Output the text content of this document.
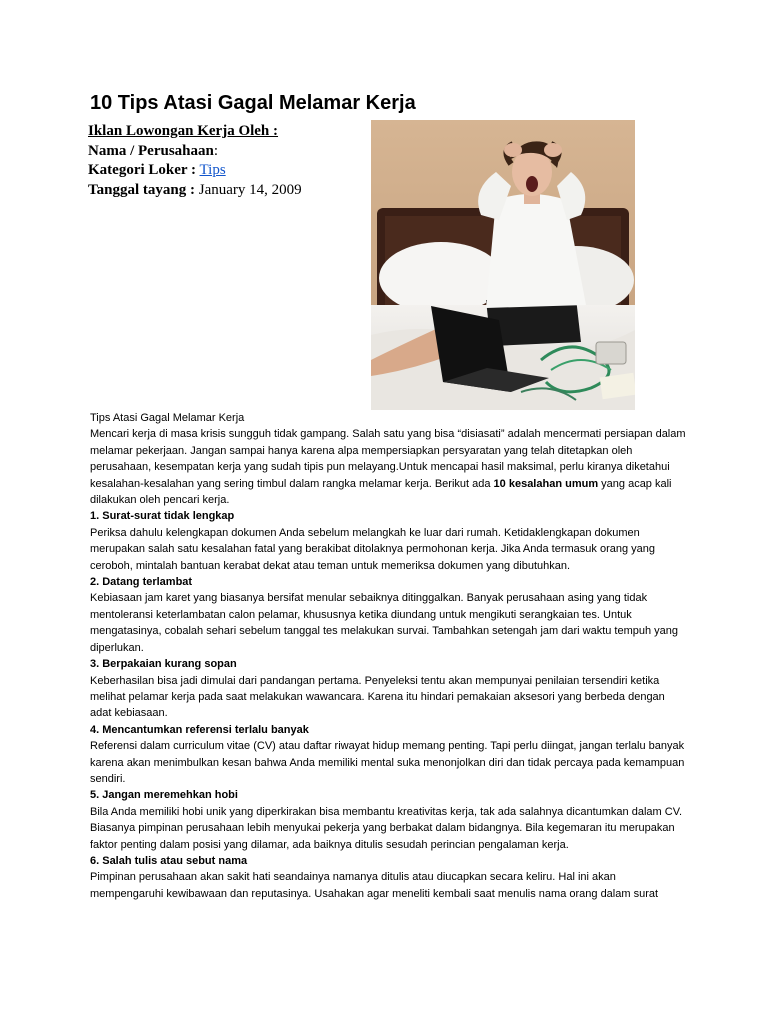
10 Tips Atasi Gagal Melamar Kerja
Iklan Lowongan Kerja Oleh :
Nama / Perusahaan:
Kategori Loker : Tips
Tanggal tayang : January 14, 2009

Tips Atasi Gagal Melamar Kerja

Mencari kerja di masa krisis sungguh tidak gampang. Salah satu yang bisa “disiasati” adalah mencermati persiapan dalam melamar pekerjaan. Jangan sampai hanya karena alpa mempersiapkan persyaratan yang telah ditetapkan oleh perusahaan, kesempatan kerja yang sudah tipis pun melayang.Untuk mencapai hasil maksimal, perlu kiranya diketahui kesalahan-kesalahan yang sering timbul dalam rangka melamar kerja. Berikut ada 10 kesalahan umum yang acap kali dilakukan oleh pencari kerja.

1. Surat-surat tidak lengkap

Periksa dahulu kelengkapan dokumen Anda sebelum melangkah ke luar dari rumah. Ketidaklengkapan dokumen merupakan salah satu kesalahan fatal yang berakibat ditolaknya permohonan kerja. Jika Anda termasuk orang yang ceroboh, mintalah bantuan kerabat dekat atau teman untuk memeriksa dokumen yang dibutuhkan.

2. Datang terlambat

Kebiasaan jam karet yang biasanya bersifat menular sebaiknya ditinggalkan. Banyak perusahaan asing yang tidak mentoleransi keterlambatan calon pelamar, khususnya ketika diundang untuk mengikuti serangkaian tes. Untuk mengatasinya, cobalah sehari sebelum tanggal tes melakukan survai. Tambahkan setengah jam dari waktu tempuh yang diperlukan.

3. Berpakaian kurang sopan

Keberhasilan bisa jadi dimulai dari pandangan pertama. Penyeleksi tentu akan mempunyai penilaian tersendiri ketika melihat pelamar kerja pada saat melakukan wawancara. Karena itu hindari pemakaian aksesori yang berbeda dengan adat kebiasaan.

4. Mencantumkan referensi terlalu banyak

Referensi dalam curriculum vitae (CV) atau daftar riwayat hidup memang penting. Tapi perlu diingat, jangan terlalu banyak karena akan menimbulkan kesan bahwa Anda memiliki mental suka menonjolkan diri dan tidak percaya pada kemampuan sendiri.

5. Jangan meremehkan hobi

Bila Anda memiliki hobi unik yang diperkirakan bisa membantu kreativitas kerja, tak ada salahnya dicantumkan dalam CV. Biasanya pimpinan perusahaan lebih menyukai pekerja yang berbakat dalam bidangnya. Bila kegemaran itu merupakan faktor penting dalam posisi yang dilamar, ada baiknya ditulis sesudah perincian pengalaman kerja.

6. Salah tulis atau sebut nama

Pimpinan perusahaan akan sakit hati seandainya namanya ditulis atau diucapkan secara keliru. Hal ini akan mempengaruhi kewibawaan dan reputasinya. Usahakan agar meneliti kembali saat menulis nama orang dalam surat
